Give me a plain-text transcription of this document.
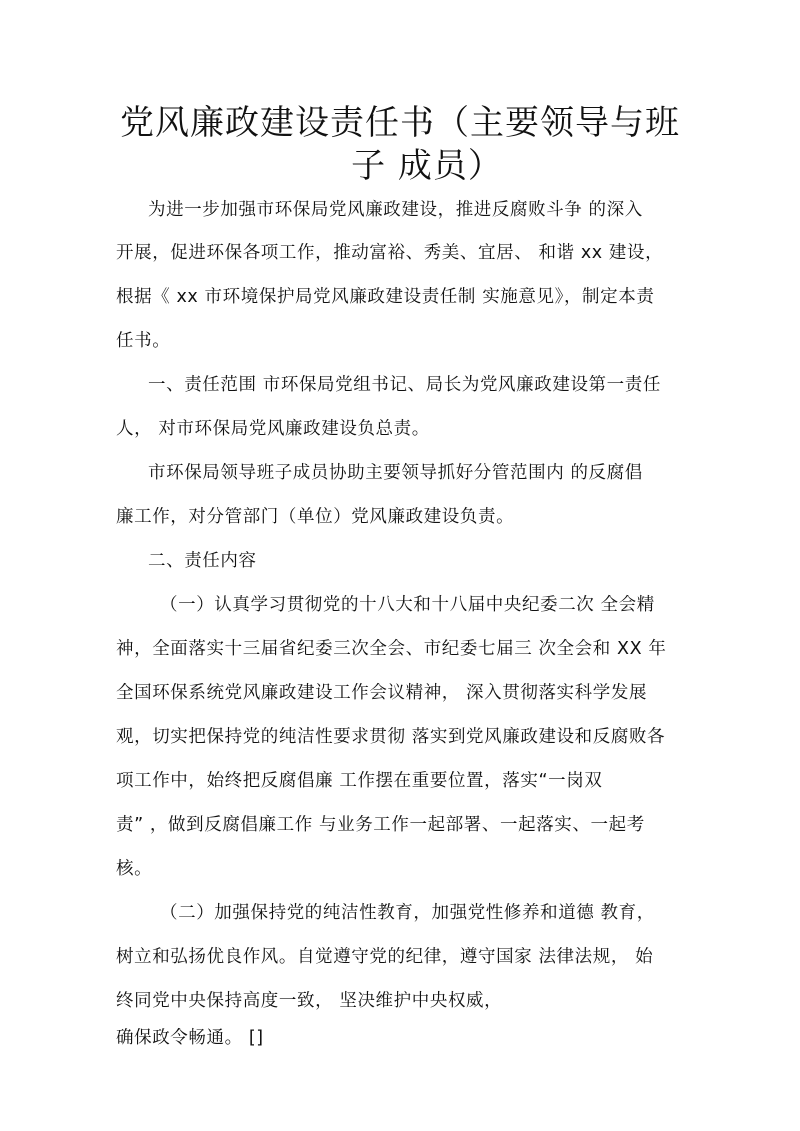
党风廉政建设责任书（主要领导与班
子 成员）
为进一步加强市环保局党风廉政建设，推进反腐败斗争 的深入
开展，促进环保各项工作，推动富裕、秀美、宜居、 和谐 xx 建设，
根据《 xx 市环境保护局党风廉政建设责任制 实施意见》，制定本责
任书。
一、责任范围 市环保局党组书记、局长为党风廉政建设第一责任
人， 对市环保局党风廉政建设负总责。
市环保局领导班子成员协助主要领导抓好分管范围内 的反腐倡
廉工作，对分管部门（单位）党风廉政建设负责。
二、责任内容
（一）认真学习贯彻党的十八大和十八届中央纪委二次 全会精
神，全面落实十三届省纪委三次全会、市纪委七届三 次全会和 XX 年
全国环保系统党风廉政建设工作会议精神， 深入贯彻落实科学发展
观，切实把保持党的纯洁性要求贯彻 落实到党风廉政建设和反腐败各
项工作中，始终把反腐倡廉 工作摆在重要位置，落实“一岗双
责” ，做到反腐倡廉工作 与业务工作一起部署、一起落实、一起考
核。
（二）加强保持党的纯洁性教育，加强党性修养和道德 教育，
树立和弘扬优良作风。自觉遵守党的纪律，遵守国家 法律法规， 始
终同党中央保持高度一致， 坚决维护中央权威，
确保政令畅通。 []
